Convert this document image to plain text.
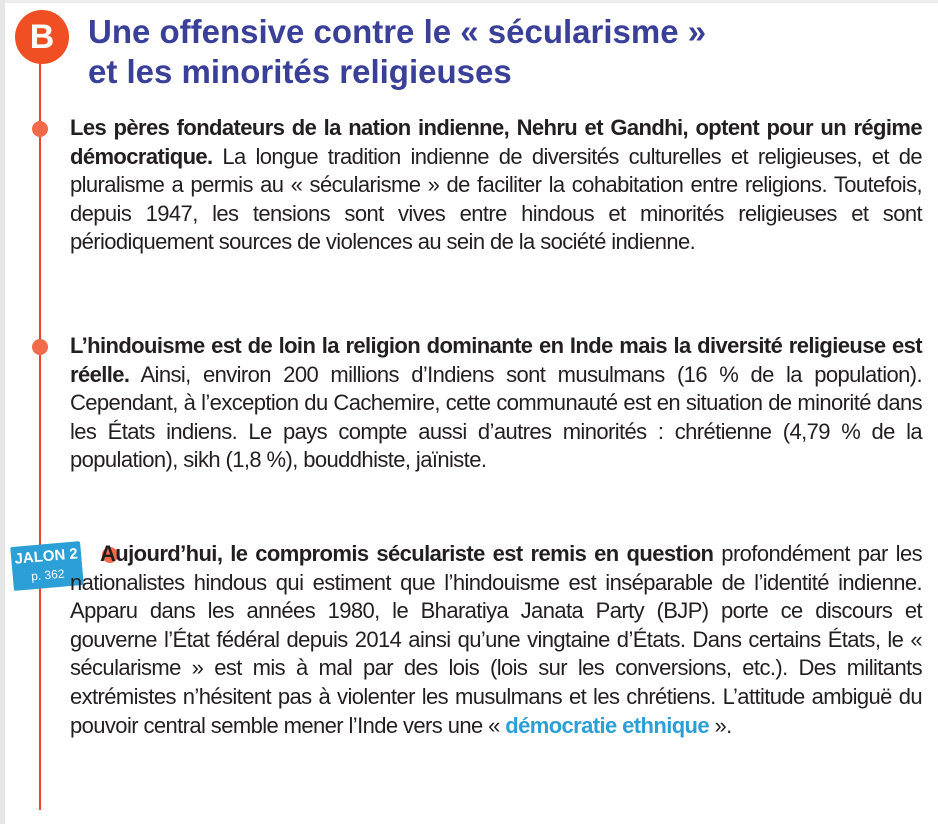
B	Une offensive contre le « sécularisme »
et les minorités religieuses

Les pères fondateurs de la nation indienne, Nehru et Gandhi, optent pour un régime démocratique. La longue tradition indienne de diversités culturelles et religieuses, et de pluralisme a permis au « sécularisme » de faciliter la cohabitation entre religions. Toutefois, depuis 1947, les tensions sont vives entre hindous et minorités religieuses et sont périodiquement sources de violences au sein de la société indienne.

L’hindouisme est de loin la religion dominante en Inde mais la diversité religieuse est réelle. Ainsi, environ 200 millions d’Indiens sont musulmans (16 % de la population). Cependant, à l’exception du Cachemire, cette communauté est en situation de minorité dans les États indiens. Le pays compte aussi d’autres minorités : chrétienne (4,79 % de la population), sikh (1,8 %), bouddhiste, jaïniste.

JALON 2
p. 362

Aujourd’hui, le compromis sécularistе est remis en question profondément par les nationalistes hindous qui estiment que l’hindouisme est inséparable de l’identité indienne. Apparu dans les années 1980, le Bharatiya Janata Party (BJP) porte ce discours et gouverne l’État fédéral depuis 2014 ainsi qu’une vingtaine d’États. Dans certains États, le « sécularisme » est mis à mal par des lois (lois sur les conversions, etc.). Des militants extrémistes n’hésitent pas à violenter les musulmans et les chrétiens. L’attitude ambiguë du pouvoir central semble mener l’Inde vers une « démocratie ethnique ».
